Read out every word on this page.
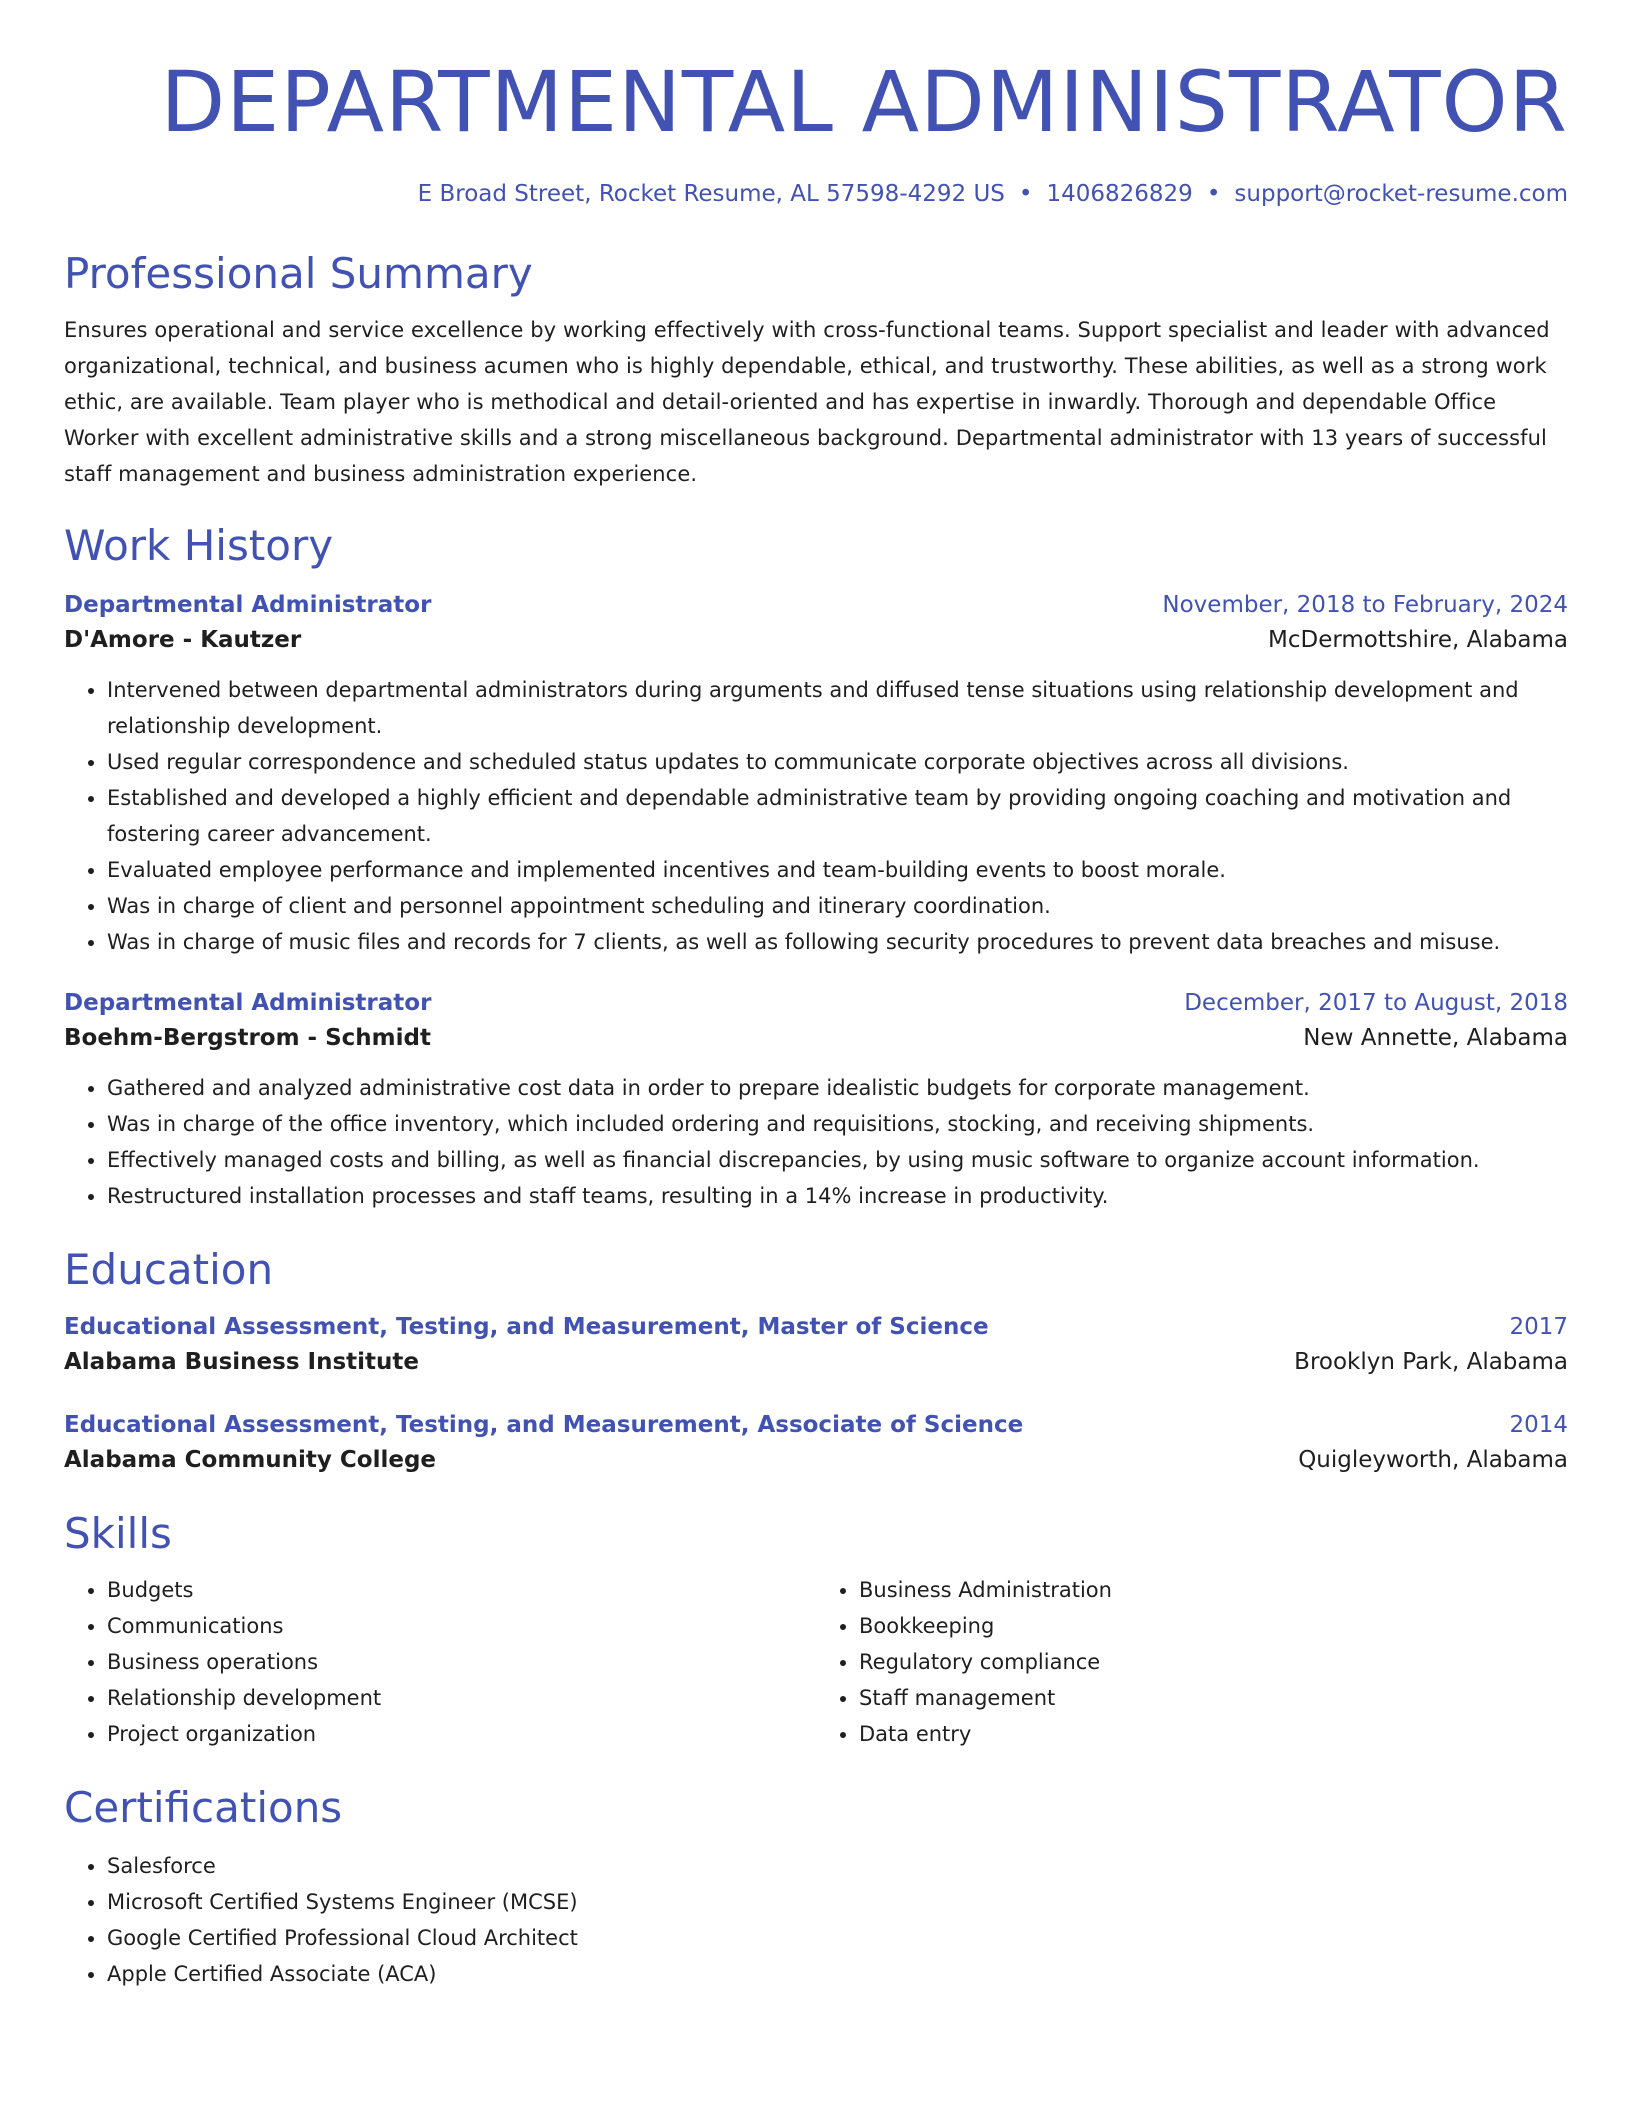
DEPARTMENTAL ADMINISTRATOR
E Broad Street, Rocket Resume, AL 57598-4292 US • 1406826829 • support@rocket-resume.com
Professional Summary
Ensures operational and service excellence by working effectively with cross-functional teams. Support specialist and leader with advanced organizational, technical, and business acumen who is highly dependable, ethical, and trustworthy. These abilities, as well as a strong work ethic, are available. Team player who is methodical and detail-oriented and has expertise in inwardly. Thorough and dependable Office Worker with excellent administrative skills and a strong miscellaneous background. Departmental administrator with 13 years of successful staff management and business administration experience.
Work History
Departmental Administrator	November, 2018 to February, 2024
D'Amore - Kautzer	McDermottshire, Alabama
• Intervened between departmental administrators during arguments and diffused tense situations using relationship development and relationship development.
• Used regular correspondence and scheduled status updates to communicate corporate objectives across all divisions.
• Established and developed a highly efficient and dependable administrative team by providing ongoing coaching and motivation and fostering career advancement.
• Evaluated employee performance and implemented incentives and team-building events to boost morale.
• Was in charge of client and personnel appointment scheduling and itinerary coordination.
• Was in charge of music files and records for 7 clients, as well as following security procedures to prevent data breaches and misuse.
Departmental Administrator	December, 2017 to August, 2018
Boehm-Bergstrom - Schmidt	New Annette, Alabama
• Gathered and analyzed administrative cost data in order to prepare idealistic budgets for corporate management.
• Was in charge of the office inventory, which included ordering and requisitions, stocking, and receiving shipments.
• Effectively managed costs and billing, as well as financial discrepancies, by using music software to organize account information.
• Restructured installation processes and staff teams, resulting in a 14% increase in productivity.
Education
Educational Assessment, Testing, and Measurement, Master of Science	2017
Alabama Business Institute	Brooklyn Park, Alabama
Educational Assessment, Testing, and Measurement, Associate of Science	2014
Alabama Community College	Quigleyworth, Alabama
Skills
• Budgets
• Communications
• Business operations
• Relationship development
• Project organization
• Business Administration
• Bookkeeping
• Regulatory compliance
• Staff management
• Data entry
Certifications
• Salesforce
• Microsoft Certified Systems Engineer (MCSE)
• Google Certified Professional Cloud Architect
• Apple Certified Associate (ACA)
